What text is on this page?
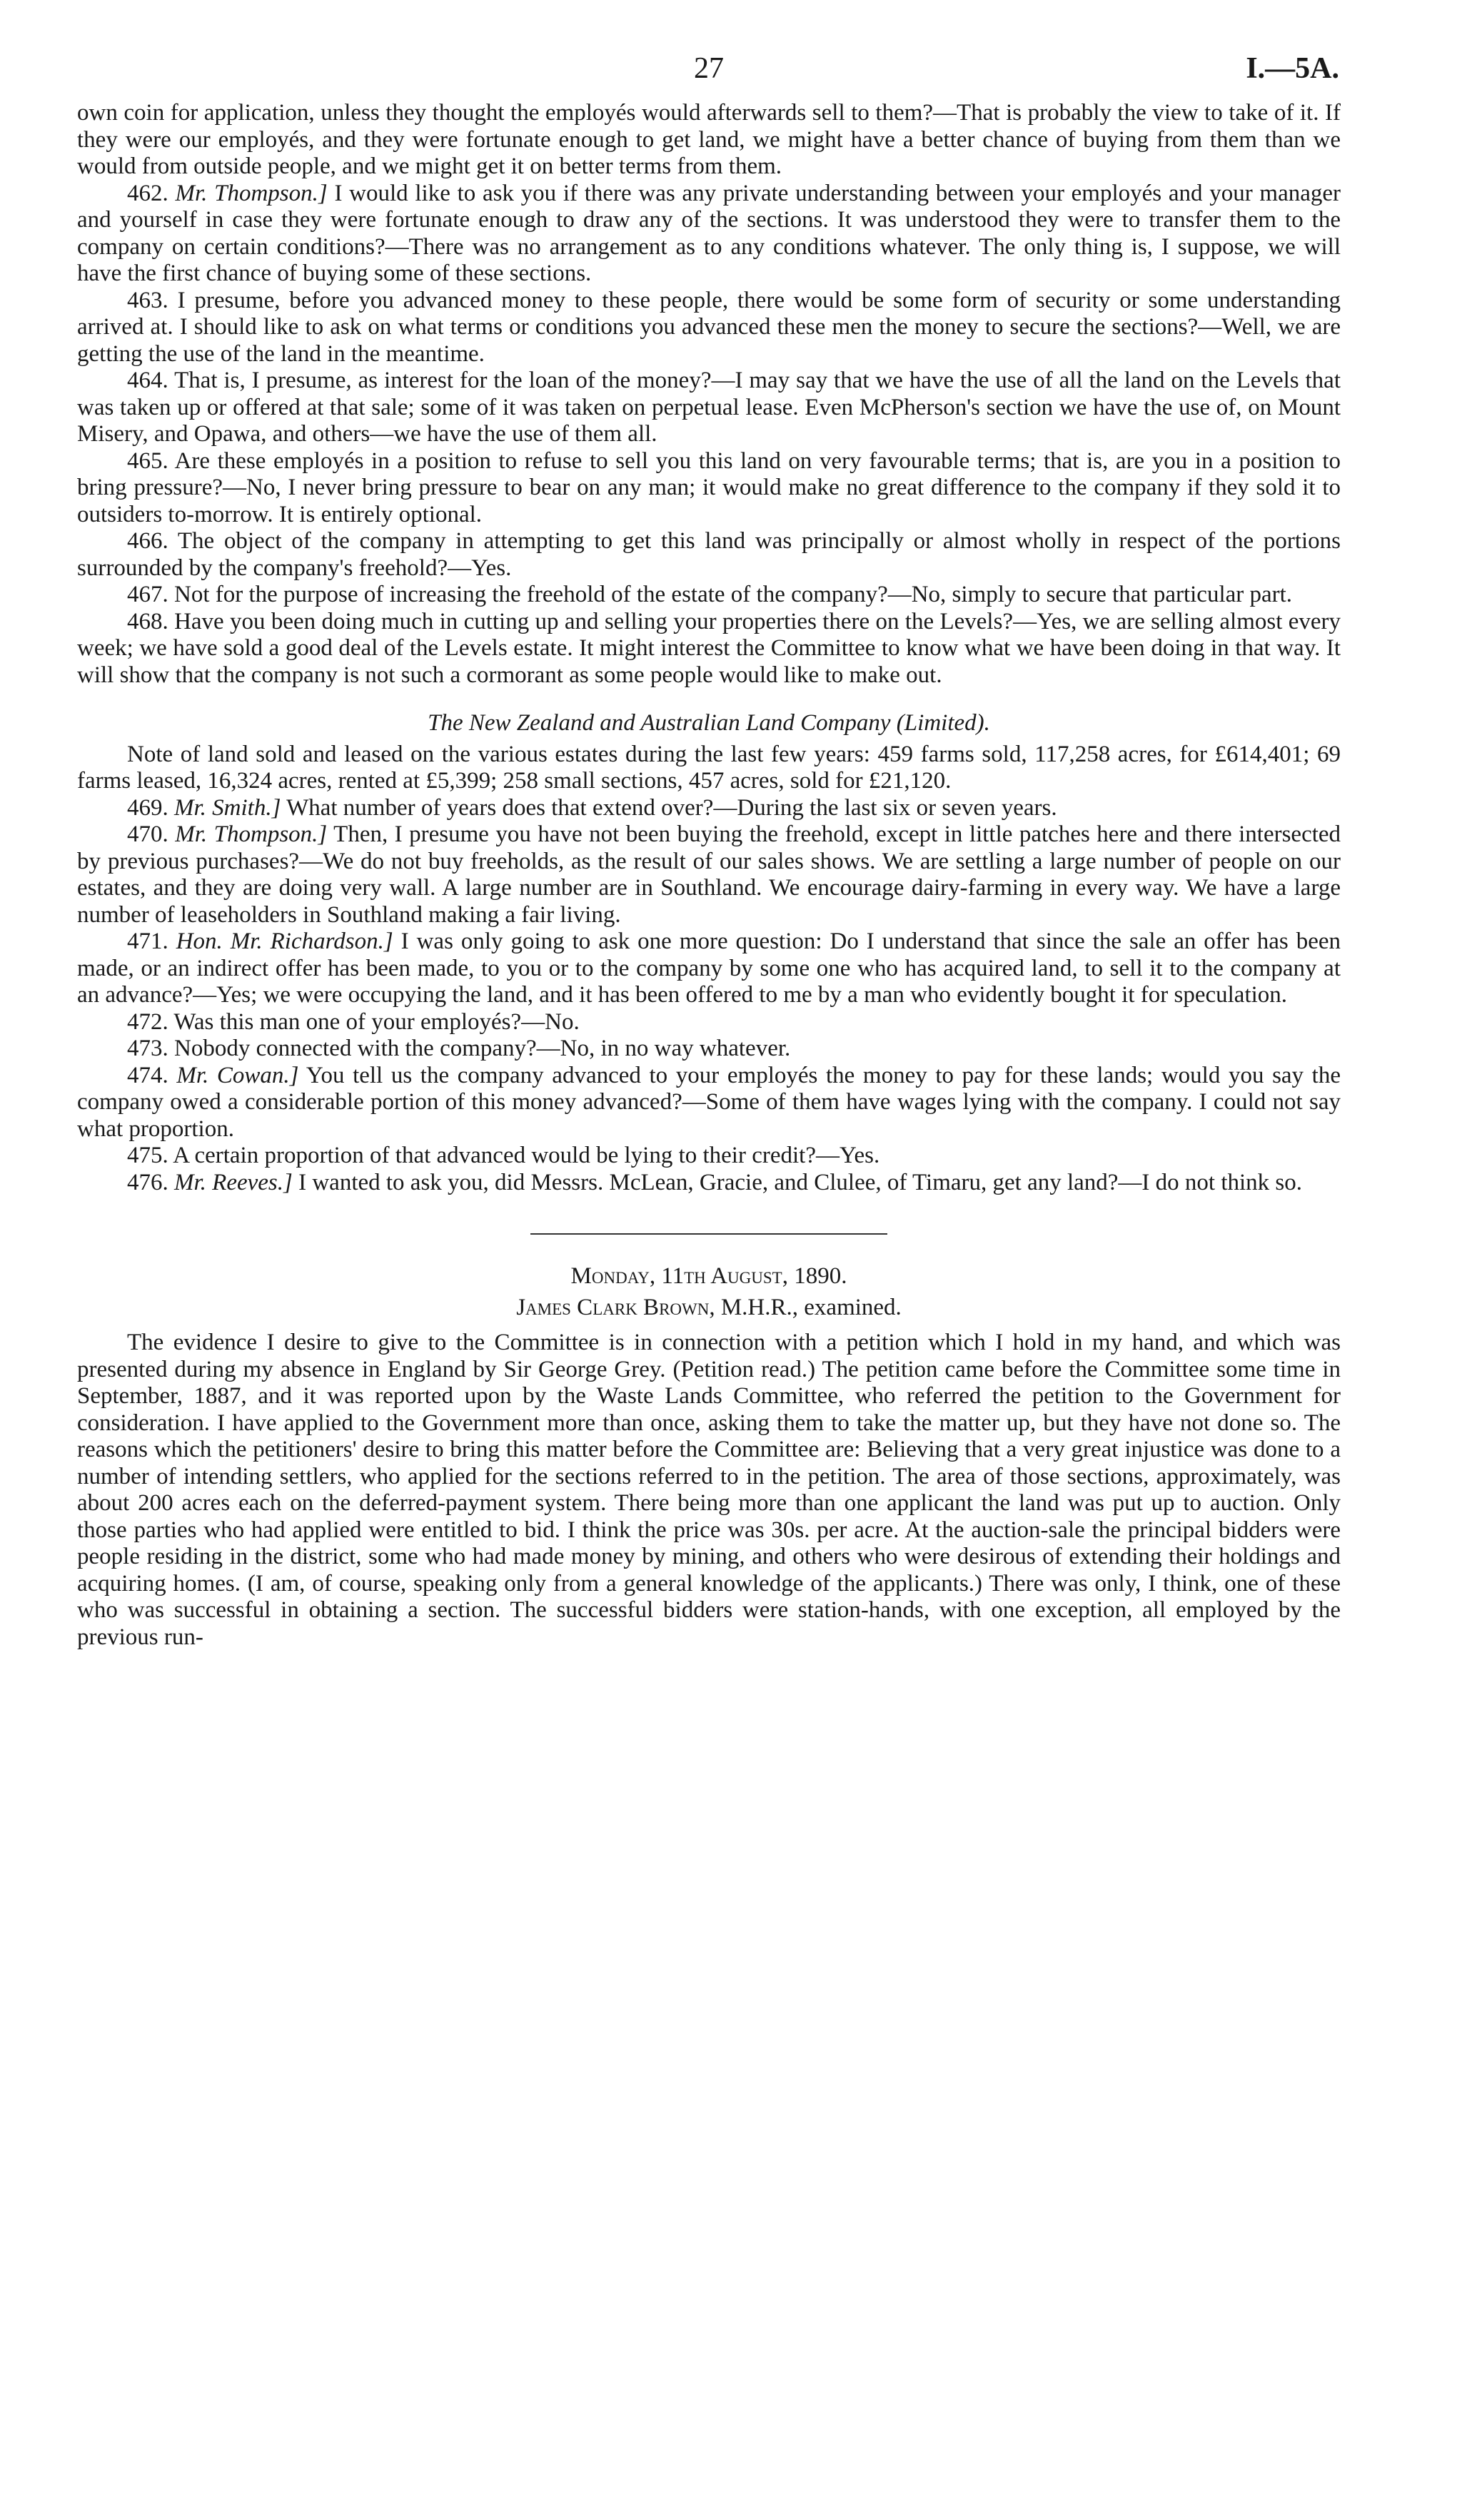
27	I.—5A.

own coin for application, unless they thought the employés would afterwards sell to them?—That is probably the view to take of it. If they were our employés, and they were fortunate enough to get land, we might have a better chance of buying from them than we would from outside people, and we might get it on better terms from them.

462. Mr. Thompson.] I would like to ask you if there was any private understanding between your employés and your manager and yourself in case they were fortunate enough to draw any of the sections. It was understood they were to transfer them to the company on certain conditions?—There was no arrangement as to any conditions whatever. The only thing is, I suppose, we will have the first chance of buying some of these sections.

463. I presume, before you advanced money to these people, there would be some form of security or some understanding arrived at. I should like to ask on what terms or conditions you advanced these men the money to secure the sections?—Well, we are getting the use of the land in the meantime.

464. That is, I presume, as interest for the loan of the money?—I may say that we have the use of all the land on the Levels that was taken up or offered at that sale; some of it was taken on perpetual lease. Even McPherson's section we have the use of, on Mount Misery, and Opawa, and others—we have the use of them all.

465. Are these employés in a position to refuse to sell you this land on very favourable terms; that is, are you in a position to bring pressure?—No, I never bring pressure to bear on any man; it would make no great difference to the company if they sold it to outsiders to-morrow. It is entirely optional.

466. The object of the company in attempting to get this land was principally or almost wholly in respect of the portions surrounded by the company's freehold?—Yes.

467. Not for the purpose of increasing the freehold of the estate of the company?—No, simply to secure that particular part.

468. Have you been doing much in cutting up and selling your properties there on the Levels?—Yes, we are selling almost every week; we have sold a good deal of the Levels estate. It might interest the Committee to know what we have been doing in that way. It will show that the company is not such a cormorant as some people would like to make out.

The New Zealand and Australian Land Company (Limited).

Note of land sold and leased on the various estates during the last few years: 459 farms sold, 117,258 acres, for £614,401; 69 farms leased, 16,324 acres, rented at £5,399; 258 small sections, 457 acres, sold for £21,120.

469. Mr. Smith.] What number of years does that extend over?—During the last six or seven years.

470. Mr. Thompson.] Then, I presume you have not been buying the freehold, except in little patches here and there intersected by previous purchases?—We do not buy freeholds, as the result of our sales shows. We are settling a large number of people on our estates, and they are doing very wall. A large number are in Southland. We encourage dairy-farming in every way. We have a large number of leaseholders in Southland making a fair living.

471. Hon. Mr. Richardson.] I was only going to ask one more question: Do I understand that since the sale an offer has been made, or an indirect offer has been made, to you or to the company by some one who has acquired land, to sell it to the company at an advance?—Yes; we were occupying the land, and it has been offered to me by a man who evidently bought it for speculation.

472. Was this man one of your employés?—No.

473. Nobody connected with the company?—No, in no way whatever.

474. Mr. Cowan.] You tell us the company advanced to your employés the money to pay for these lands; would you say the company owed a considerable portion of this money advanced?—Some of them have wages lying with the company. I could not say what proportion.

475. A certain proportion of that advanced would be lying to their credit?—Yes.

476. Mr. Reeves.] I wanted to ask you, did Messrs. McLean, Gracie, and Clulee, of Timaru, get any land?—I do not think so.

Monday, 11th August, 1890.
James Clark Brown, M.H.R., examined.

The evidence I desire to give to the Committee is in connection with a petition which I hold in my hand, and which was presented during my absence in England by Sir George Grey. (Petition read.) The petition came before the Committee some time in September, 1887, and it was reported upon by the Waste Lands Committee, who referred the petition to the Government for consideration. I have applied to the Government more than once, asking them to take the matter up, but they have not done so. The reasons which the petitioners' desire to bring this matter before the Committee are: Believing that a very great injustice was done to a number of intending settlers, who applied for the sections referred to in the petition. The area of those sections, approximately, was about 200 acres each on the deferred-payment system. There being more than one applicant the land was put up to auction. Only those parties who had applied were entitled to bid. I think the price was 30s. per acre. At the auction-sale the principal bidders were people residing in the district, some who had made money by mining, and others who were desirous of extending their holdings and acquiring homes. (I am, of course, speaking only from a general knowledge of the applicants.) There was only, I think, one of these who was successful in obtaining a section. The successful bidders were station-hands, with one exception, all employed by the previous run-
